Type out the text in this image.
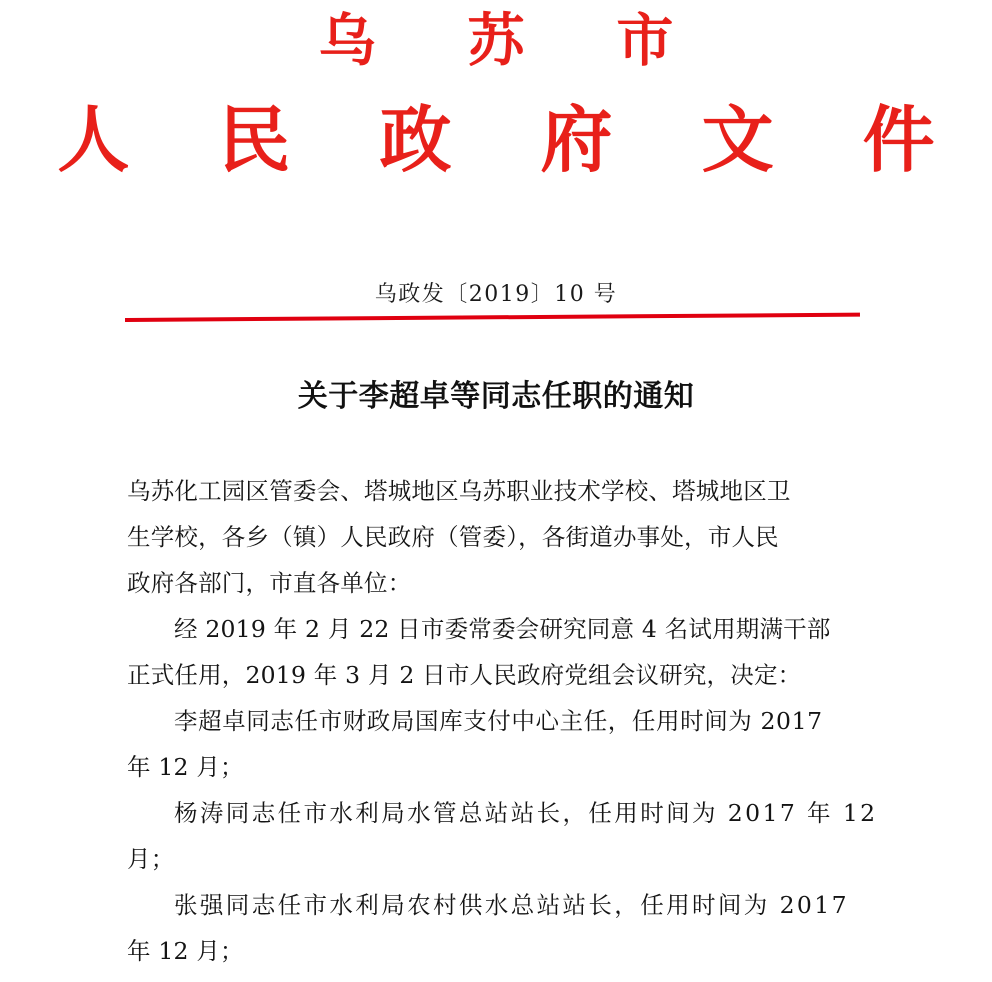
乌 苏 市
人 民 政 府 文 件
乌政发〔2019〕10 号
关于李超卓等同志任职的通知
乌苏化工园区管委会、塔城地区乌苏职业技术学校、塔城地区卫
生学校，各乡（镇）人民政府（管委），各街道办事处，市人民
政府各部门，市直各单位：
经 2019 年 2 月 22 日市委常委会研究同意 4 名试用期满干部
正式任用，2019 年 3 月 2 日市人民政府党组会议研究，决定：
李超卓同志任市财政局国库支付中心主任，任用时间为 2017
年 12 月；
杨涛同志任市水利局水管总站站长，任用时间为 2017 年 12
月；
张强同志任市水利局农村供水总站站长，任用时间为 2017
年 12 月；
